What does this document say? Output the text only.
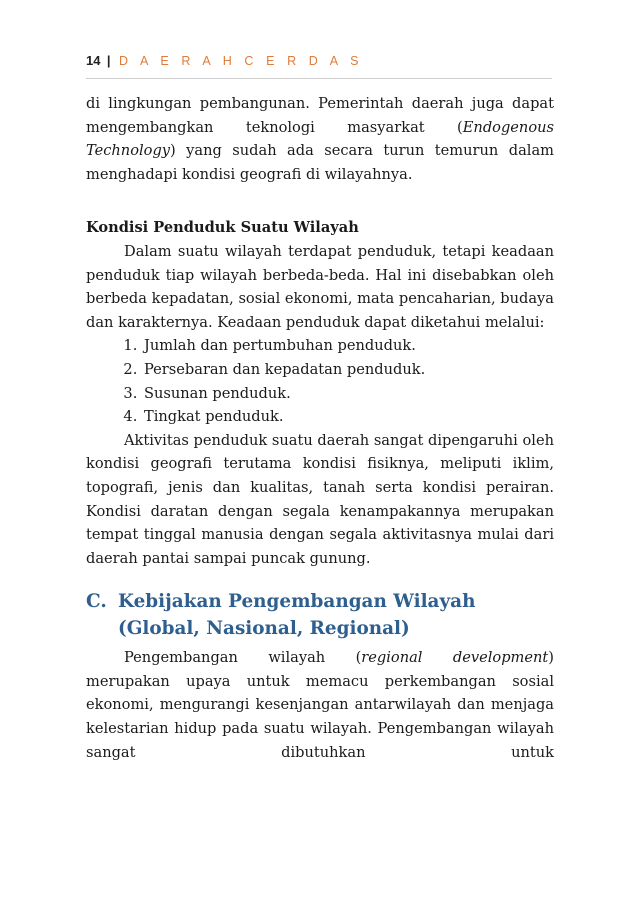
14 | D A E R A H C E R D A S

di lingkungan pembangunan. Pemerintah daerah juga dapat mengembangkan teknologi masyarkat (Endogenous Technology) yang sudah ada secara turun temurun dalam menghadapi kondisi geografi di wilayahnya.

Kondisi Penduduk Suatu Wilayah

Dalam suatu wilayah terdapat penduduk, tetapi keadaan penduduk tiap wilayah berbeda-beda. Hal ini disebabkan oleh berbeda kepadatan, sosial ekonomi, mata pencaharian, budaya dan karakternya. Keadaan penduduk dapat diketahui melalui:

1. Jumlah dan pertumbuhan penduduk.
2. Persebaran dan kepadatan penduduk.
3. Susunan penduduk.
4. Tingkat penduduk.

Aktivitas penduduk suatu daerah sangat dipengaruhi oleh kondisi geografi terutama kondisi fisiknya, meliputi iklim, topografi, jenis dan kualitas, tanah serta kondisi perairan. Kondisi daratan dengan segala kenampakannya merupakan tempat tinggal manusia dengan segala aktivitasnya mulai dari daerah pantai sampai puncak gunung.

C. Kebijakan Pengembangan Wilayah (Global, Nasional, Regional)

Pengembangan wilayah (regional development) merupakan upaya untuk memacu perkembangan sosial ekonomi, mengurangi kesenjangan antarwilayah dan menjaga kelestarian hidup pada suatu wilayah. Pengembangan wilayah sangat dibutuhkan untuk
